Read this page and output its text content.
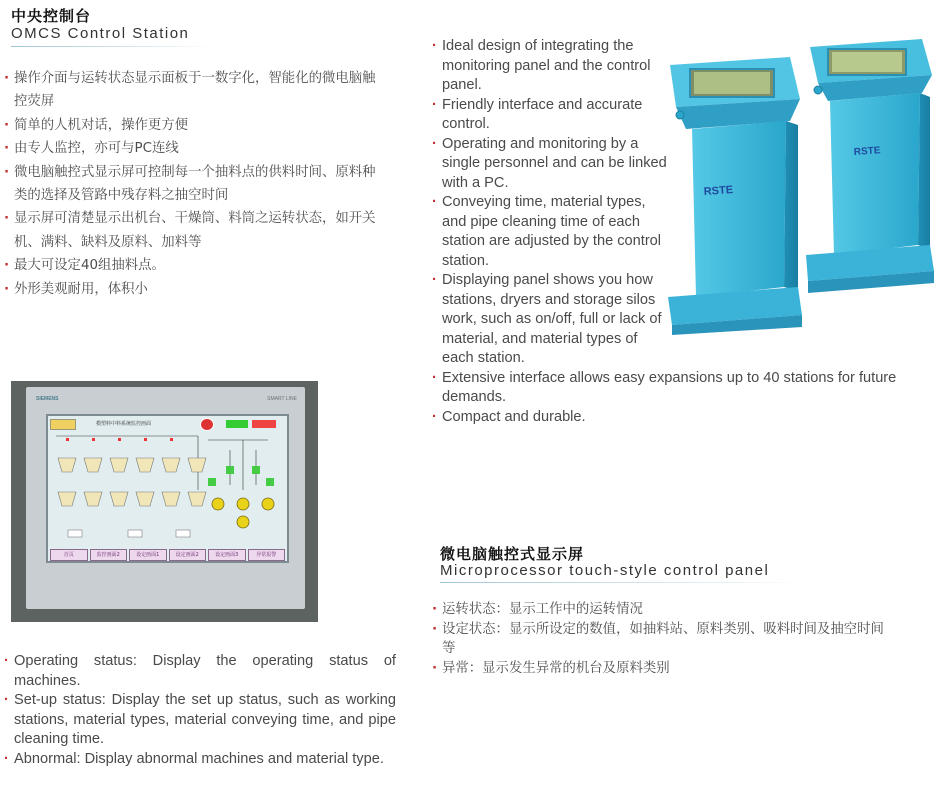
中央控制台
OMCS Control Station
· 操作介面与运转状态显示面板于一数字化，智能化的微电脑触控荧屏
· 简单的人机对话，操作更方便
· 由专人监控，亦可与PC连线
· 微电脑触控式显示屏可控制每一个抽料点的供料时间、原料种类的选择及管路中残存料之抽空时间
· 显示屏可清楚显示出机台、干燥筒、料筒之运转状态，如开关机、满料、缺料及原料、加料等
· 最大可设定40组抽料点。
· 外形美观耐用，体积小
· Ideal design of integrating the monitoring panel and the control panel.
· Friendly interface and accurate control.
· Operating and monitoring by a single personnel and can be linked with a PC.
· Conveying time, material types, and pipe cleaning time of each station are adjusted by the control station.
· Displaying panel shows you how stations, dryers and storage silos work, such as on/off, full or lack of material, and material types of each station.
· Extensive interface allows easy expansions up to 40 stations for future demands.
· Compact and durable.
RSTE
RSTE
SIEMENS	SMART LINE
模塑料中料系统监控画面
首页	监控画面2	设定画面1	设定画面2	设定画面3	异常报警	微电脑触控式显示屏
Microprocessor touch-style control panel
· 运转状态：显示工作中的运转情况
· 设定状态：显示所设定的数值，如抽料站、原料类别、吸料时间及抽空时间等
· 异常：显示发生异常的机台及原料类别
· Operating status: Display the operating status of machines.
· Set-up status: Display the set up status, such as working stations, material types, material conveying time, and pipe cleaning time.
· Abnormal: Display abnormal machines and material type.
